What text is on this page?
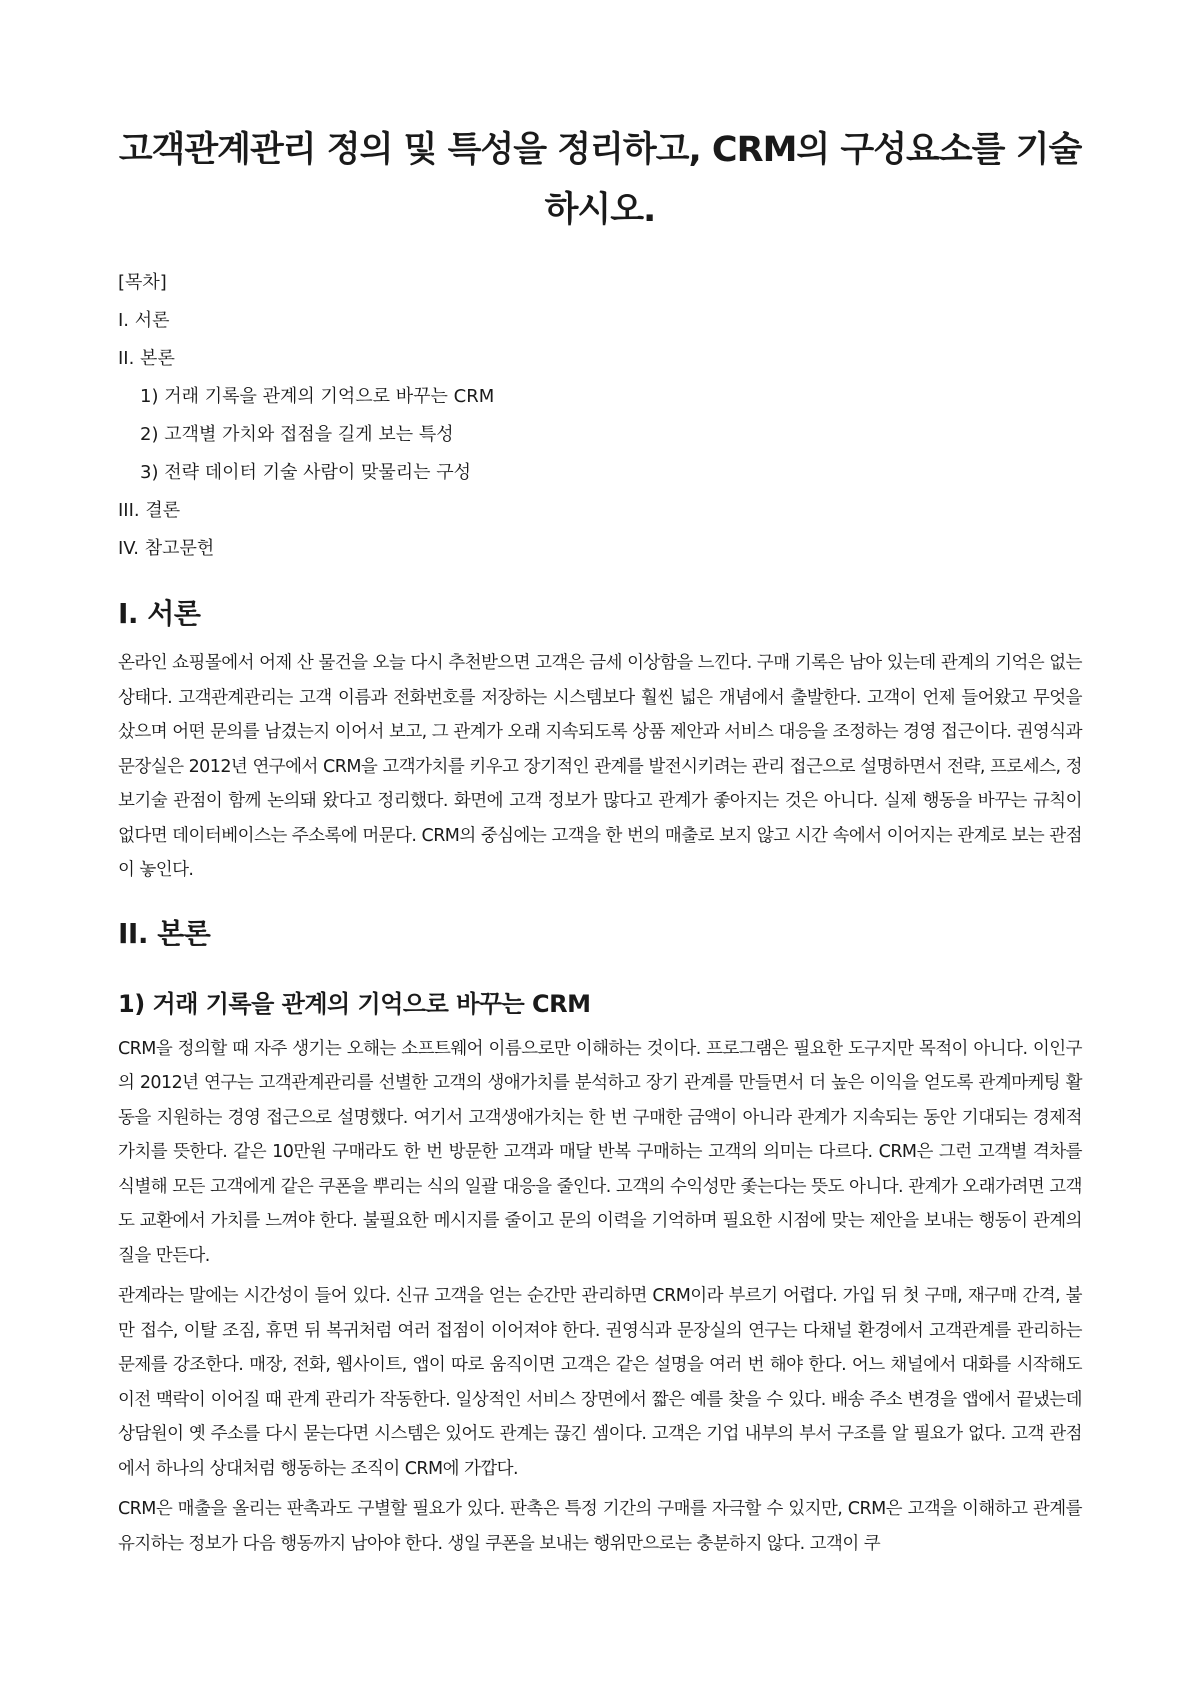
고객관계관리 정의 및 특성을 정리하고, CRM의 구성요소를 기술하시오.
[목차]
I. 서론
II. 본론
1) 거래 기록을 관계의 기억으로 바꾸는 CRM
2) 고객별 가치와 접점을 길게 보는 특성
3) 전략 데이터 기술 사람이 맞물리는 구성
III. 결론
IV. 참고문헌
I. 서론

온라인 쇼핑몰에서 어제 산 물건을 오늘 다시 추천받으면 고객은 금세 이상함을 느낀다. 구매 기록은 남아 있는데 관계의 기억은 없는 상태다. 고객관계관리는 고객 이름과 전화번호를 저장하는 시스템보다 훨씬 넓은 개념에서 출발한다. 고객이 언제 들어왔고 무엇을 샀으며 어떤 문의를 남겼는지 이어서 보고, 그 관계가 오래 지속되도록 상품 제안과 서비스 대응을 조정하는 경영 접근이다. 권영식과 문장실은 2012년 연구에서 CRM을 고객가치를 키우고 장기적인 관계를 발전시키려는 관리 접근으로 설명하면서 전략, 프로세스, 정보기술 관점이 함께 논의돼 왔다고 정리했다. 화면에 고객 정보가 많다고 관계가 좋아지는 것은 아니다. 실제 행동을 바꾸는 규칙이 없다면 데이터베이스는 주소록에 머문다. CRM의 중심에는 고객을 한 번의 매출로 보지 않고 시간 속에서 이어지는 관계로 보는 관점이 놓인다.

II. 본론
1) 거래 기록을 관계의 기억으로 바꾸는 CRM

CRM을 정의할 때 자주 생기는 오해는 소프트웨어 이름으로만 이해하는 것이다. 프로그램은 필요한 도구지만 목적이 아니다. 이인구의 2012년 연구는 고객관계관리를 선별한 고객의 생애가치를 분석하고 장기 관계를 만들면서 더 높은 이익을 얻도록 관계마케팅 활동을 지원하는 경영 접근으로 설명했다. 여기서 고객생애가치는 한 번 구매한 금액이 아니라 관계가 지속되는 동안 기대되는 경제적 가치를 뜻한다. 같은 10만원 구매라도 한 번 방문한 고객과 매달 반복 구매하는 고객의 의미는 다르다. CRM은 그런 고객별 격차를 식별해 모든 고객에게 같은 쿠폰을 뿌리는 식의 일괄 대응을 줄인다. 고객의 수익성만 좇는다는 뜻도 아니다. 관계가 오래가려면 고객도 교환에서 가치를 느껴야 한다. 불필요한 메시지를 줄이고 문의 이력을 기억하며 필요한 시점에 맞는 제안을 보내는 행동이 관계의 질을 만든다.

관계라는 말에는 시간성이 들어 있다. 신규 고객을 얻는 순간만 관리하면 CRM이라 부르기 어렵다. 가입 뒤 첫 구매, 재구매 간격, 불만 접수, 이탈 조짐, 휴면 뒤 복귀처럼 여러 접점이 이어져야 한다. 권영식과 문장실의 연구는 다채널 환경에서 고객관계를 관리하는 문제를 강조한다. 매장, 전화, 웹사이트, 앱이 따로 움직이면 고객은 같은 설명을 여러 번 해야 한다. 어느 채널에서 대화를 시작해도 이전 맥락이 이어질 때 관계 관리가 작동한다. 일상적인 서비스 장면에서 짧은 예를 찾을 수 있다. 배송 주소 변경을 앱에서 끝냈는데 상담원이 옛 주소를 다시 묻는다면 시스템은 있어도 관계는 끊긴 셈이다. 고객은 기업 내부의 부서 구조를 알 필요가 없다. 고객 관점에서 하나의 상대처럼 행동하는 조직이 CRM에 가깝다.

CRM은 매출을 올리는 판촉과도 구별할 필요가 있다. 판촉은 특정 기간의 구매를 자극할 수 있지만, CRM은 고객을 이해하고 관계를 유지하는 정보가 다음 행동까지 남아야 한다. 생일 쿠폰을 보내는 행위만으로는 충분하지 않다. 고객이 쿠
